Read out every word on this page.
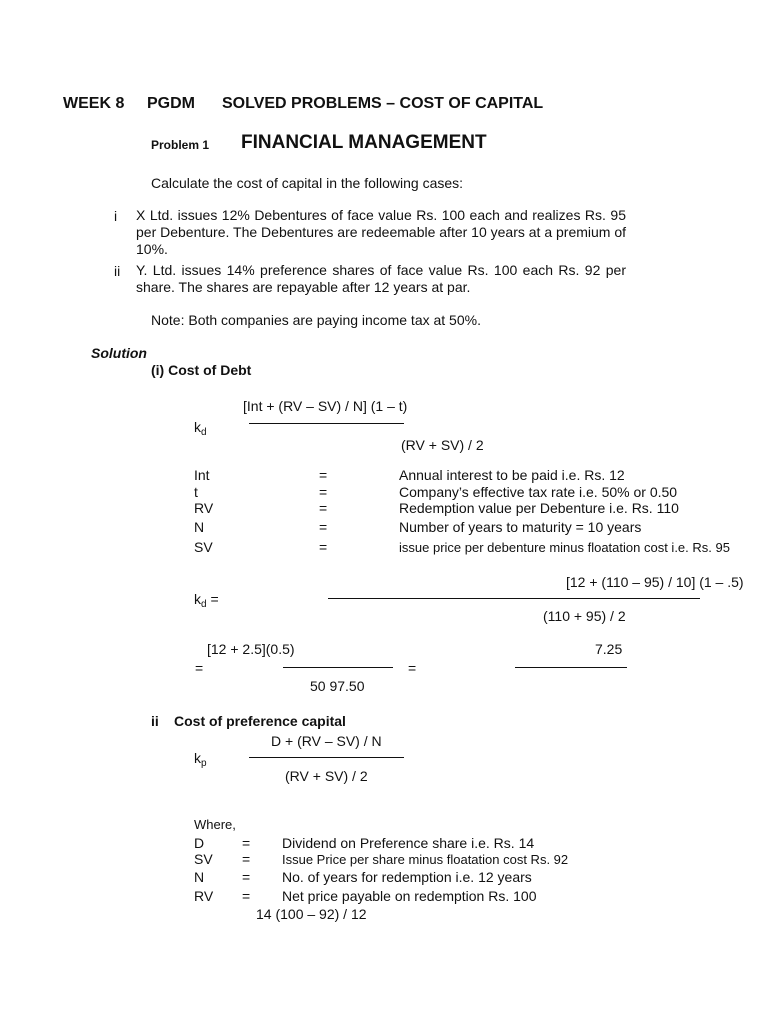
WEEK 8 PGDM SOLVED PROBLEMS – COST OF CAPITAL
Problem 1 FINANCIAL MANAGEMENT
Calculate the cost of capital in the following cases:
i X Ltd. issues 12% Debentures of face value Rs. 100 each and realizes Rs. 95 per Debenture. The Debentures are redeemable after 10 years at a premium of 10%.
ii Y. Ltd. issues 14% preference shares of face value Rs. 100 each Rs. 92 per share. The shares are repayable after 12 years at par.
Note: Both companies are paying income tax at 50%.
Solution
(i) Cost of Debt
[Int + (RV – SV) / N] (1 – t)
$k_d$
(RV + SV) / 2
Int	=	Annual interest to be paid i.e. Rs. 12
t	=	Company’s effective tax rate i.e. 50% or 0.50
RV	=	Redemption value per Debenture i.e. Rs. 110
N	=	Number of years to maturity = 10 years
SV	=	issue price per debenture minus floatation cost i.e. Rs. 95
[12 + (110 – 95) / 10] (1 – .5)
$k_d$ =
(110 + 95) / 2
[12 + 2.5](0.5)	7.25
=	=
50 97.50
ii Cost of preference capital
D + (RV – SV) / N
$k_p$
(RV + SV) / 2
Where,
D	= Dividend on Preference share i.e. Rs. 14
SV = Issue Price per share minus floatation cost Rs. 92
N	= No. of years for redemption i.e. 12 years
RV = Net price payable on redemption Rs. 100
14 (100 – 92) / 12
